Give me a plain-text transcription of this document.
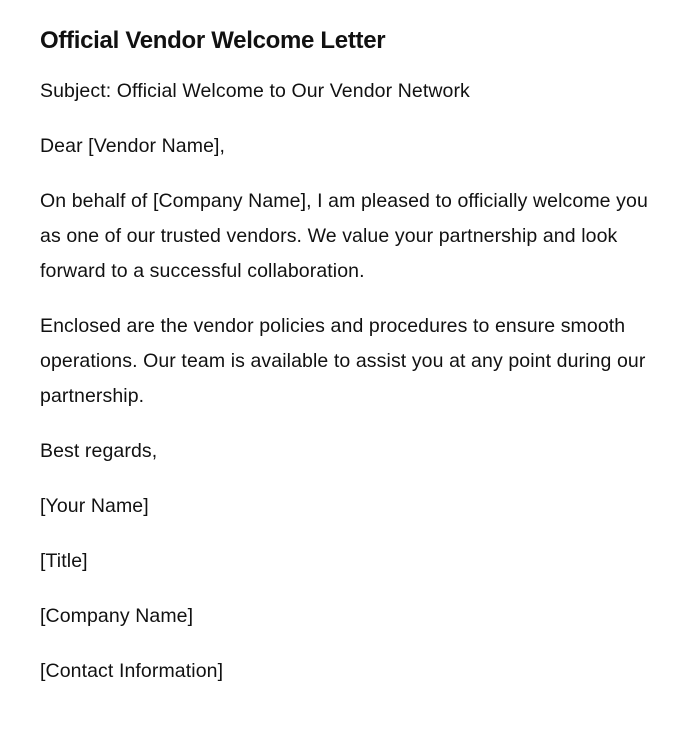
Official Vendor Welcome Letter

Subject: Official Welcome to Our Vendor Network

Dear [Vendor Name],

On behalf of [Company Name], I am pleased to officially welcome you as one of our trusted vendors. We value your partnership and look forward to a successful collaboration.

Enclosed are the vendor policies and procedures to ensure smooth operations. Our team is available to assist you at any point during our partnership.

Best regards,

[Your Name]

[Title]

[Company Name]

[Contact Information]
